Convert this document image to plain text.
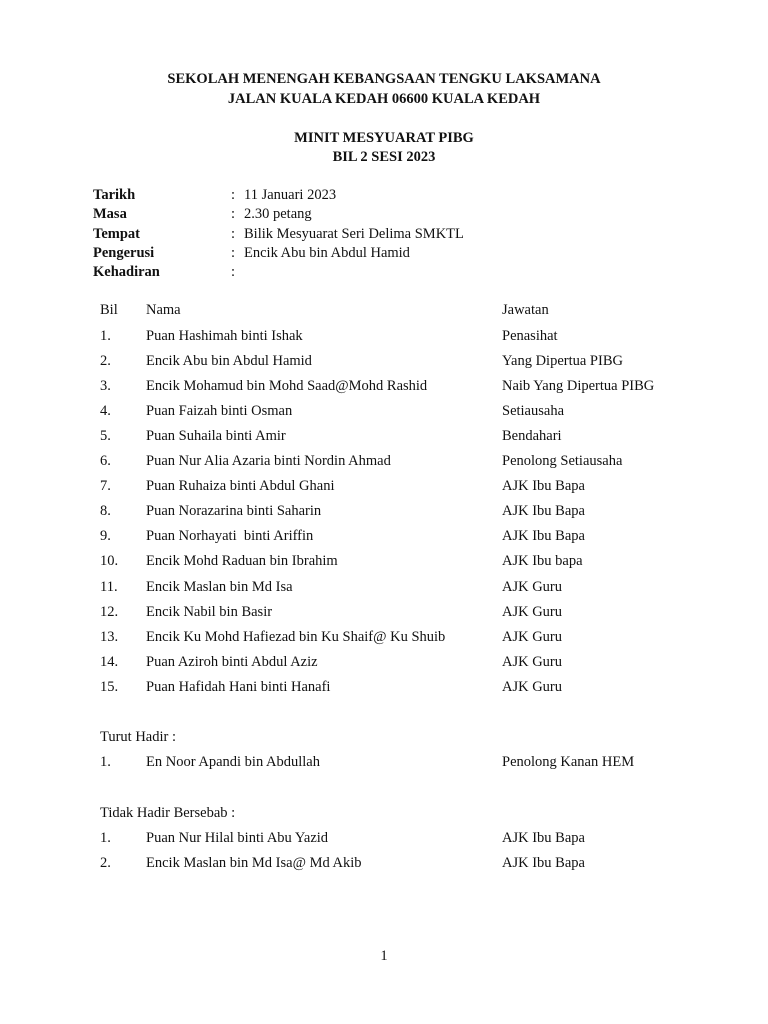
SEKOLAH MENENGAH KEBANGSAAN TENGKU LAKSAMANA
JALAN KUALA KEDAH 06600 KUALA KEDAH
MINIT MESYUARAT PIBG
BIL 2 SESI 2023
Tarikh	: 11 Januari 2023
Masa	: 2.30 petang
Tempat	: Bilik Mesyuarat Seri Delima SMKTL
Pengerusi	: Encik Abu bin Abdul Hamid
Kehadiran	:
Bil Nama	Jawatan
1. Puan Hashimah binti Ishak	Penasihat
2. Encik Abu bin Abdul Hamid	Yang Dipertua PIBG
3. Encik Mohamud bin Mohd Saad@Mohd Rashid	Naib Yang Dipertua PIBG
4. Puan Faizah binti Osman	Setiausaha
5. Puan Suhaila binti Amir	Bendahari
6. Puan Nur Alia Azaria binti Nordin Ahmad	Penolong Setiausaha
7. Puan Ruhaiza binti Abdul Ghani	AJK Ibu Bapa
8. Puan Norazarina binti Saharin	AJK Ibu Bapa
9. Puan Norhayati  binti Ariffin	AJK Ibu Bapa
10. Encik Mohd Raduan bin Ibrahim	AJK Ibu bapa
11. Encik Maslan bin Md Isa	AJK Guru
12. Encik Nabil bin Basir	AJK Guru
13. Encik Ku Mohd Hafiezad bin Ku Shaif@ Ku Shuib	AJK Guru
14. Puan Aziroh binti Abdul Aziz	AJK Guru
15. Puan Hafidah Hani binti Hanafi	AJK Guru
Turut Hadir :
1. En Noor Apandi bin Abdullah	Penolong Kanan HEM
Tidak Hadir Bersebab :
1. Puan Nur Hilal binti Abu Yazid	AJK Ibu Bapa
2. Encik Maslan bin Md Isa@ Md Akib	AJK Ibu Bapa
1
